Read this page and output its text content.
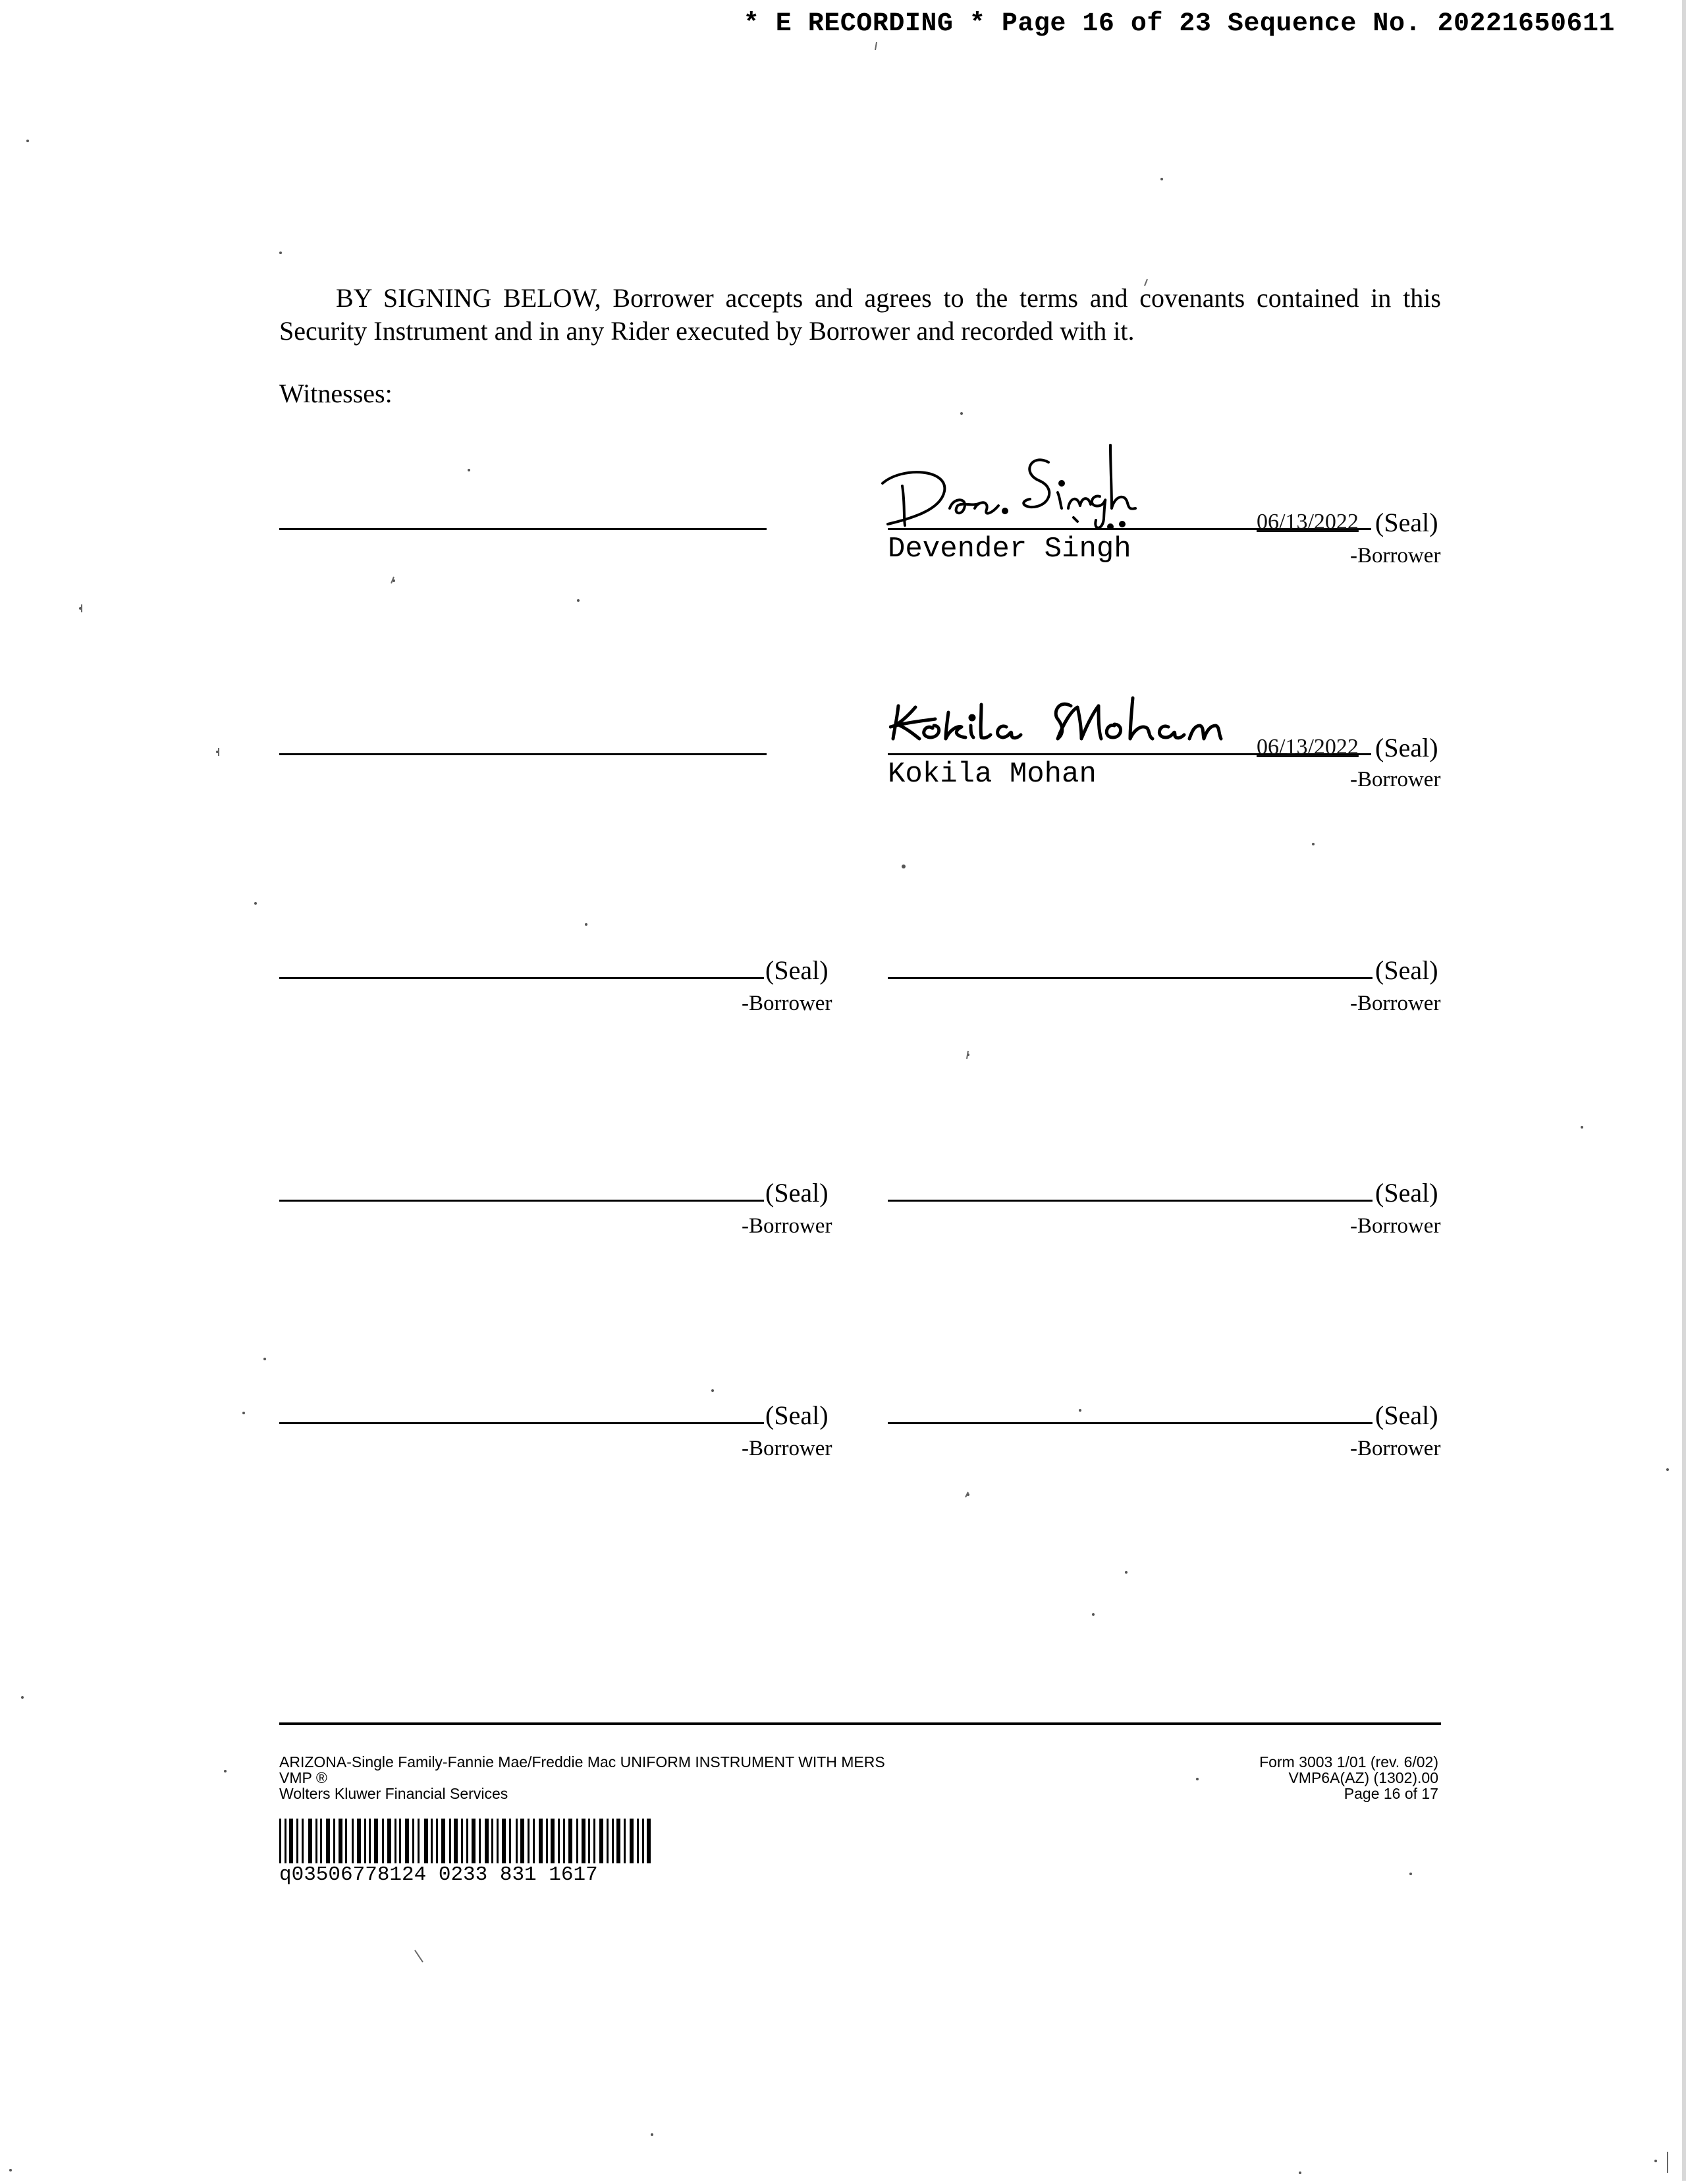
* E RECORDING * Page 16 of 23 Sequence No. 20221650611

BY SIGNING BELOW, Borrower accepts and agrees to the terms and covenants contained in this Security Instrument and in any Rider executed by Borrower and recorded with it.

Witnesses:

06/13/2022 (Seal)
Devender Singh	-Borrower
06/13/2022 (Seal)
Kokila Mohan	-Borrower
(Seal)
-Borrower
(Seal)
-Borrower
(Seal)
-Borrower
(Seal)
-Borrower
(Seal)
-Borrower
(Seal)
-Borrower
ARIZONA-Single Family-Fannie Mae/Freddie Mac UNIFORM INSTRUMENT WITH MERS
VMP ®
Wolters Kluwer Financial Services
Form 3003 1/01 (rev. 6/02)
VMP6A(AZ) (1302).00
Page 16 of 17
q03506778124 0233 831 1617
